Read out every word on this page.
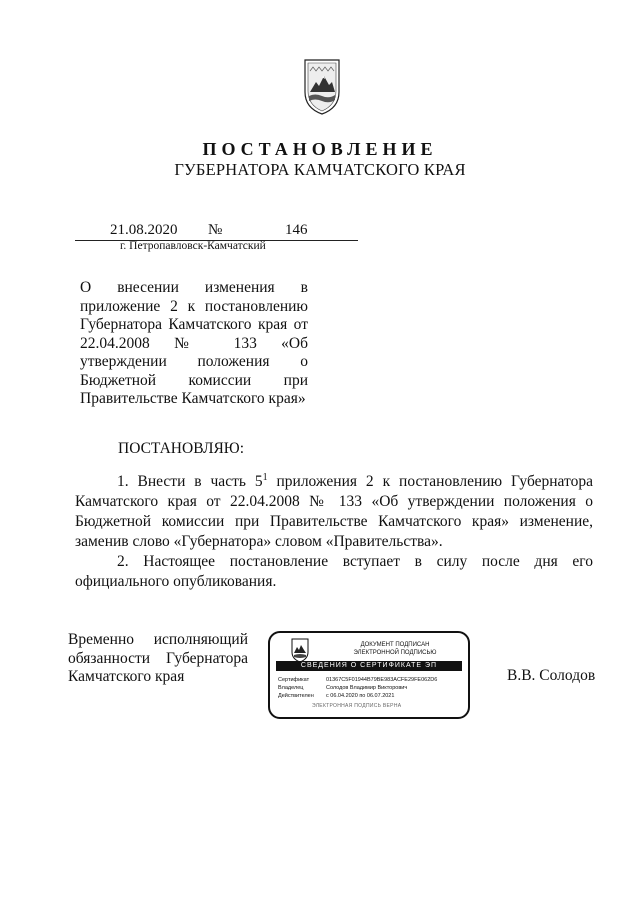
ПОСТАНОВЛЕНИЕ
ГУБЕРНАТОРА КАМЧАТСКОГО КРАЯ
21.08.2020 №	146
г. Петропавловск-Камчатский
О внесении изменения в приложение 2 к постановлению Губернатора Камчатского края от 22.04.2008 № 133 «Об утверждении положения о Бюджетной комиссии при Правительстве Камчатского края»
ПОСТАНОВЛЯЮ:

1. Внести в часть $5^1$ приложения 2 к постановлению Губернатора Камчатского края от 22.04.2008 № 133 «Об утверждении положения о Бюджетной комиссии при Правительстве Камчатского края» изменение, заменив слово «Губернатора» словом «Правительства».

2. Настоящее постановление вступает в силу после дня его официального опубликования.

Временно исполняющий обязанности Губернатора Камчатского края
ДОКУМЕНТ ПОДПИСАН
ЭЛЕКТРОННОЙ ПОДПИСЬЮ
СВЕДЕНИЯ О СЕРТИФИКАТЕ ЭП
Сертификат	01367C5F01944B79BE983ACFE29FE062D6
Владелец	Солодов Владимир Викторович
Действителен с 06.04.2020 по 06.07.2021
ЭЛЕКТРОННАЯ ПОДПИСЬ ВЕРНА
В.В. Солодов
